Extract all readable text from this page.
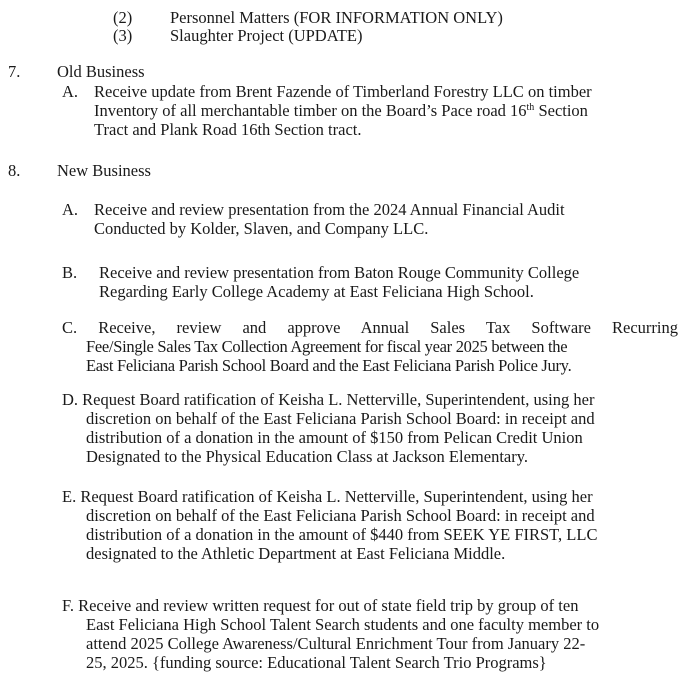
(2) Personnel Matters (FOR INFORMATION ONLY)
(3) Slaughter Project (UPDATE)
7. Old Business
A. Receive update from Brent Fazende of Timberland Forestry LLC on timber
Inventory of all merchantable timber on the Board’s Pace road 16th Section
Tract and Plank Road 16th Section tract.
8. New Business
A. Receive and review presentation from the 2024 Annual Financial Audit
Conducted by Kolder, Slaven, and Company LLC.
B. Receive and review presentation from Baton Rouge Community College
Regarding Early College Academy at East Feliciana High School.
C. Receive, review and approve Annual Sales Tax Software Recurring
Fee/Single Sales Tax Collection Agreement for fiscal year 2025 between the
East Feliciana Parish School Board and the East Feliciana Parish Police Jury.
D. Request Board ratification of Keisha L. Netterville, Superintendent, using her
discretion on behalf of the East Feliciana Parish School Board: in receipt and
distribution of a donation in the amount of $150 from Pelican Credit Union
Designated to the Physical Education Class at Jackson Elementary.
E. Request Board ratification of Keisha L. Netterville, Superintendent, using her
discretion on behalf of the East Feliciana Parish School Board: in receipt and
distribution of a donation in the amount of $440 from SEEK YE FIRST, LLC
designated to the Athletic Department at East Feliciana Middle.
F. Receive and review written request for out of state field trip by group of ten
East Feliciana High School Talent Search students and one faculty member to
attend 2025 College Awareness/Cultural Enrichment Tour from January 22-
25, 2025. {funding source: Educational Talent Search Trio Programs}
